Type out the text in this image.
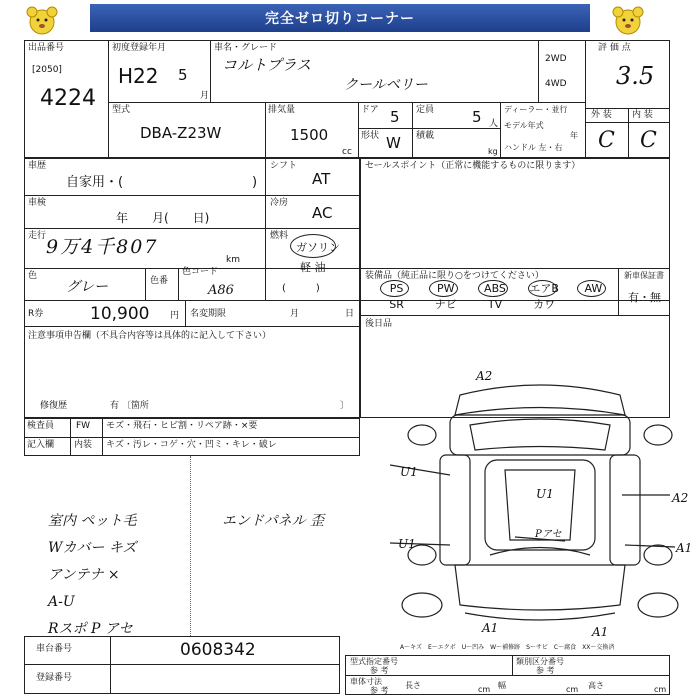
完全ゼロ切りコーナー
出品番号
[2050]
4224
初度登録年月
H22 5
月
車名・グレード
コルトプラス
クールベリー
2WD
4WD
評 価 点
3.5
型式
DBA-Z23W
排気量
1500
cc
ドア 5 定員	5 人
形状 W 積載
kg
ディーラー・並行
モデル年式
年
ハンドル 左・右
外 装 内 装
C C
車歴
自家用・(	)
シフト
AT
車検
年　　月(　　日)
冷房
AC
走行 9万4千807
km
燃料
ガソリン
軽 油
(　　　)
色
グレー	色番
色コード
A86
R券	10,900 円 名変期限	月	日
注意事項申告欄（不具合内容等は具体的に記入して下さい）
修復歴	有 〔箇所	〕
セールスポイント（正常に機能するものに限ります）
装備品（純正品に限り○をつけてください）	新車保証書
有・無
後日品
PS	PW	ABS	エアB	AW
SR	ナビ	TV	カワ
検査員
記入欄
FW モズ・飛石・ヒビ割・リペア跡・×要
内装 キズ・汚レ・コゲ・穴・凹ミ・キレ・破レ
室内 ペット毛
Wカバー キズ
アンテナ ×
A-U
Rスポ P アセ
エンドパネル 歪
A2
U1
U1
U1
Pアセ
A2
A1
A1	A1
車台番号	0608342
登録番号
A～キズ　E～エクボ　U～凹み　W～補修跡　S～サビ　C～腐食　XX～交換済
型式指定番号
参 考
類別区分番号
参 考
車体寸法
参 考
長さ	cm 幅	cm 高さ	cm
